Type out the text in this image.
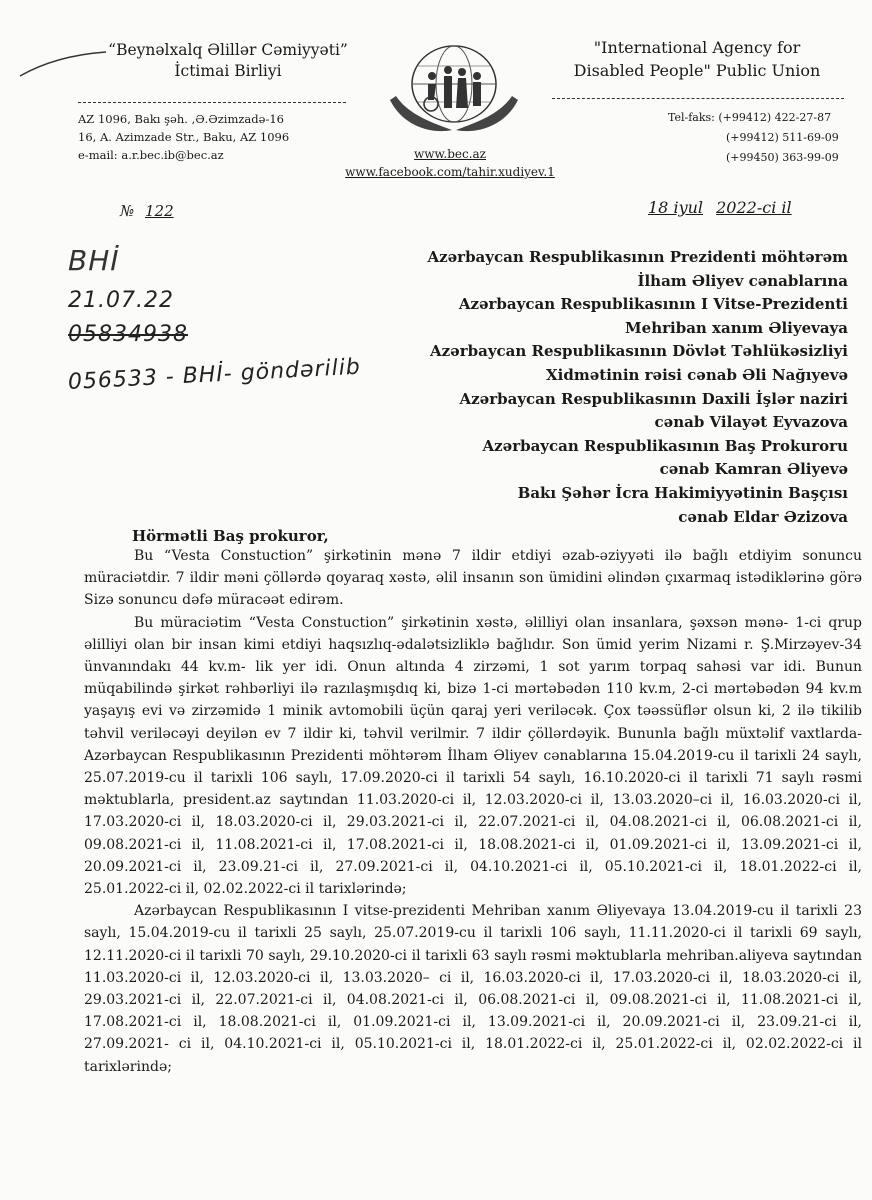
“Beynəlxalq Əlillər Cəmiyyəti”
İctimai Birliyi
"International Agency for
Disabled People" Public Union
AZ 1096, Bakı şəh. ,Ə.Əzimzadə-16
16, A. Azimzade Str., Baku, AZ 1096
e-mail: a.r.bec.ib@bec.az	www.bec.az
www.facebook.com/tahir.xudiyev.1
Tel-faks: (+99412) 422-27-87
(+99412) 511-69-09
(+99450) 363-99-09
№ 122	18 iyul 2022-ci il
BHİ
21.07.22
05834938
056533 - BHİ- göndərilib
Azərbaycan Respublikasının Prezidenti möhtərəm
İlham Əliyev cənablarına
Azərbaycan Respublikasının I Vitse-Prezidenti
Mehriban xanım Əliyevaya
Azərbaycan Respublikasının Dövlət Təhlükəsizliyi
Xidmətinin rəisi cənab Əli Nağıyevə
Azərbaycan Respublikasının Daxili İşlər naziri
cənab Vilayət Eyvazova
Azərbaycan Respublikasının Baş Prokuroru
cənab Kamran Əliyevə
Bakı Şəhər İcra Hakimiyyətinin Başçısı
cənab Eldar Əzizova
Hörmətli Baş prokuror,

Bu “Vesta Constuction” şirkətinin mənə 7 ildir etdiyi əzab-əziyyəti ilə bağlı etdiyim sonuncu müraciətdir. 7 ildir məni çöllərdə qoyaraq xəstə, əlil insanın son ümidini əlindən çıxarmaq istədiklərinə görə Sizə sonuncu dəfə müracəət edirəm.

Bu müraciətim “Vesta Constuction” şirkətinin xəstə, əlilliyi olan insanlara, şəxsən mənə- 1-ci qrup əlilliyi olan bir insan kimi etdiyi haqsızlıq-ədalətsizliklə bağlıdır. Son ümid yerim Nizami r. Ş.Mirzəyev-34 ünvanındakı 44 kv.m- lik yer idi. Onun altında 4 zirzəmi, 1 sot yarım torpaq sahəsi var idi. Bunun müqabilində şirkət rəhbərliyi ilə razılaşmışdıq ki, bizə 1-ci mərtəbədən 110 kv.m, 2-ci mərtəbədən 94 kv.m yaşayış evi və zirzəmidə 1 minik avtomobili üçün qaraj yeri veriləcək. Çox təəssüflər olsun ki, 2 ilə tikilib təhvil veriləcəyi deyilən ev 7 ildir ki, təhvil verilmir. 7 ildir çöllərdəyik. Bununla bağlı müxtəlif vaxtlarda-Azərbaycan Respublikasının Prezidenti möhtərəm İlham Əliyev cənablarına 15.04.2019-cu il tarixli 24 saylı, 25.07.2019-cu il tarixli 106 saylı, 17.09.2020-ci il tarixli 54 saylı, 16.10.2020-ci il tarixli 71 saylı rəsmi məktublarla, president.az saytından 11.03.2020-ci il, 12.03.2020-ci il, 13.03.2020–ci il, 16.03.2020-ci il, 17.03.2020-ci il, 18.03.2020-ci il, 29.03.2021-ci il, 22.07.2021-ci il, 04.08.2021-ci il, 06.08.2021-ci il, 09.08.2021-ci il, 11.08.2021-ci il, 17.08.2021-ci il, 18.08.2021-ci il, 01.09.2021-ci il, 13.09.2021-ci il, 20.09.2021-ci il, 23.09.21-ci il, 27.09.2021-ci il, 04.10.2021-ci il, 05.10.2021-ci il, 18.01.2022-ci il, 25.01.2022-ci il, 02.02.2022-ci il tarixlərində;

Azərbaycan Respublikasının I vitse-prezidenti Mehriban xanım Əliyevaya 13.04.2019-cu il tarixli 23 saylı, 15.04.2019-cu il tarixli 25 saylı, 25.07.2019-cu il tarixli 106 saylı, 11.11.2020-ci il tarixli 69 saylı, 12.11.2020-ci il tarixli 70 saylı, 29.10.2020-ci il tarixli 63 saylı rəsmi məktublarla mehriban.aliyeva saytından 11.03.2020-ci il, 12.03.2020-ci il, 13.03.2020– ci il, 16.03.2020-ci il, 17.03.2020-ci il, 18.03.2020-ci il, 29.03.2021-ci il, 22.07.2021-ci il, 04.08.2021-ci il, 06.08.2021-ci il, 09.08.2021-ci il, 11.08.2021-ci il, 17.08.2021-ci il, 18.08.2021-ci il, 01.09.2021-ci il, 13.09.2021-ci il, 20.09.2021-ci il, 23.09.21-ci il, 27.09.2021- ci il, 04.10.2021-ci il, 05.10.2021-ci il, 18.01.2022-ci il, 25.01.2022-ci il, 02.02.2022-ci il tarixlərində;
